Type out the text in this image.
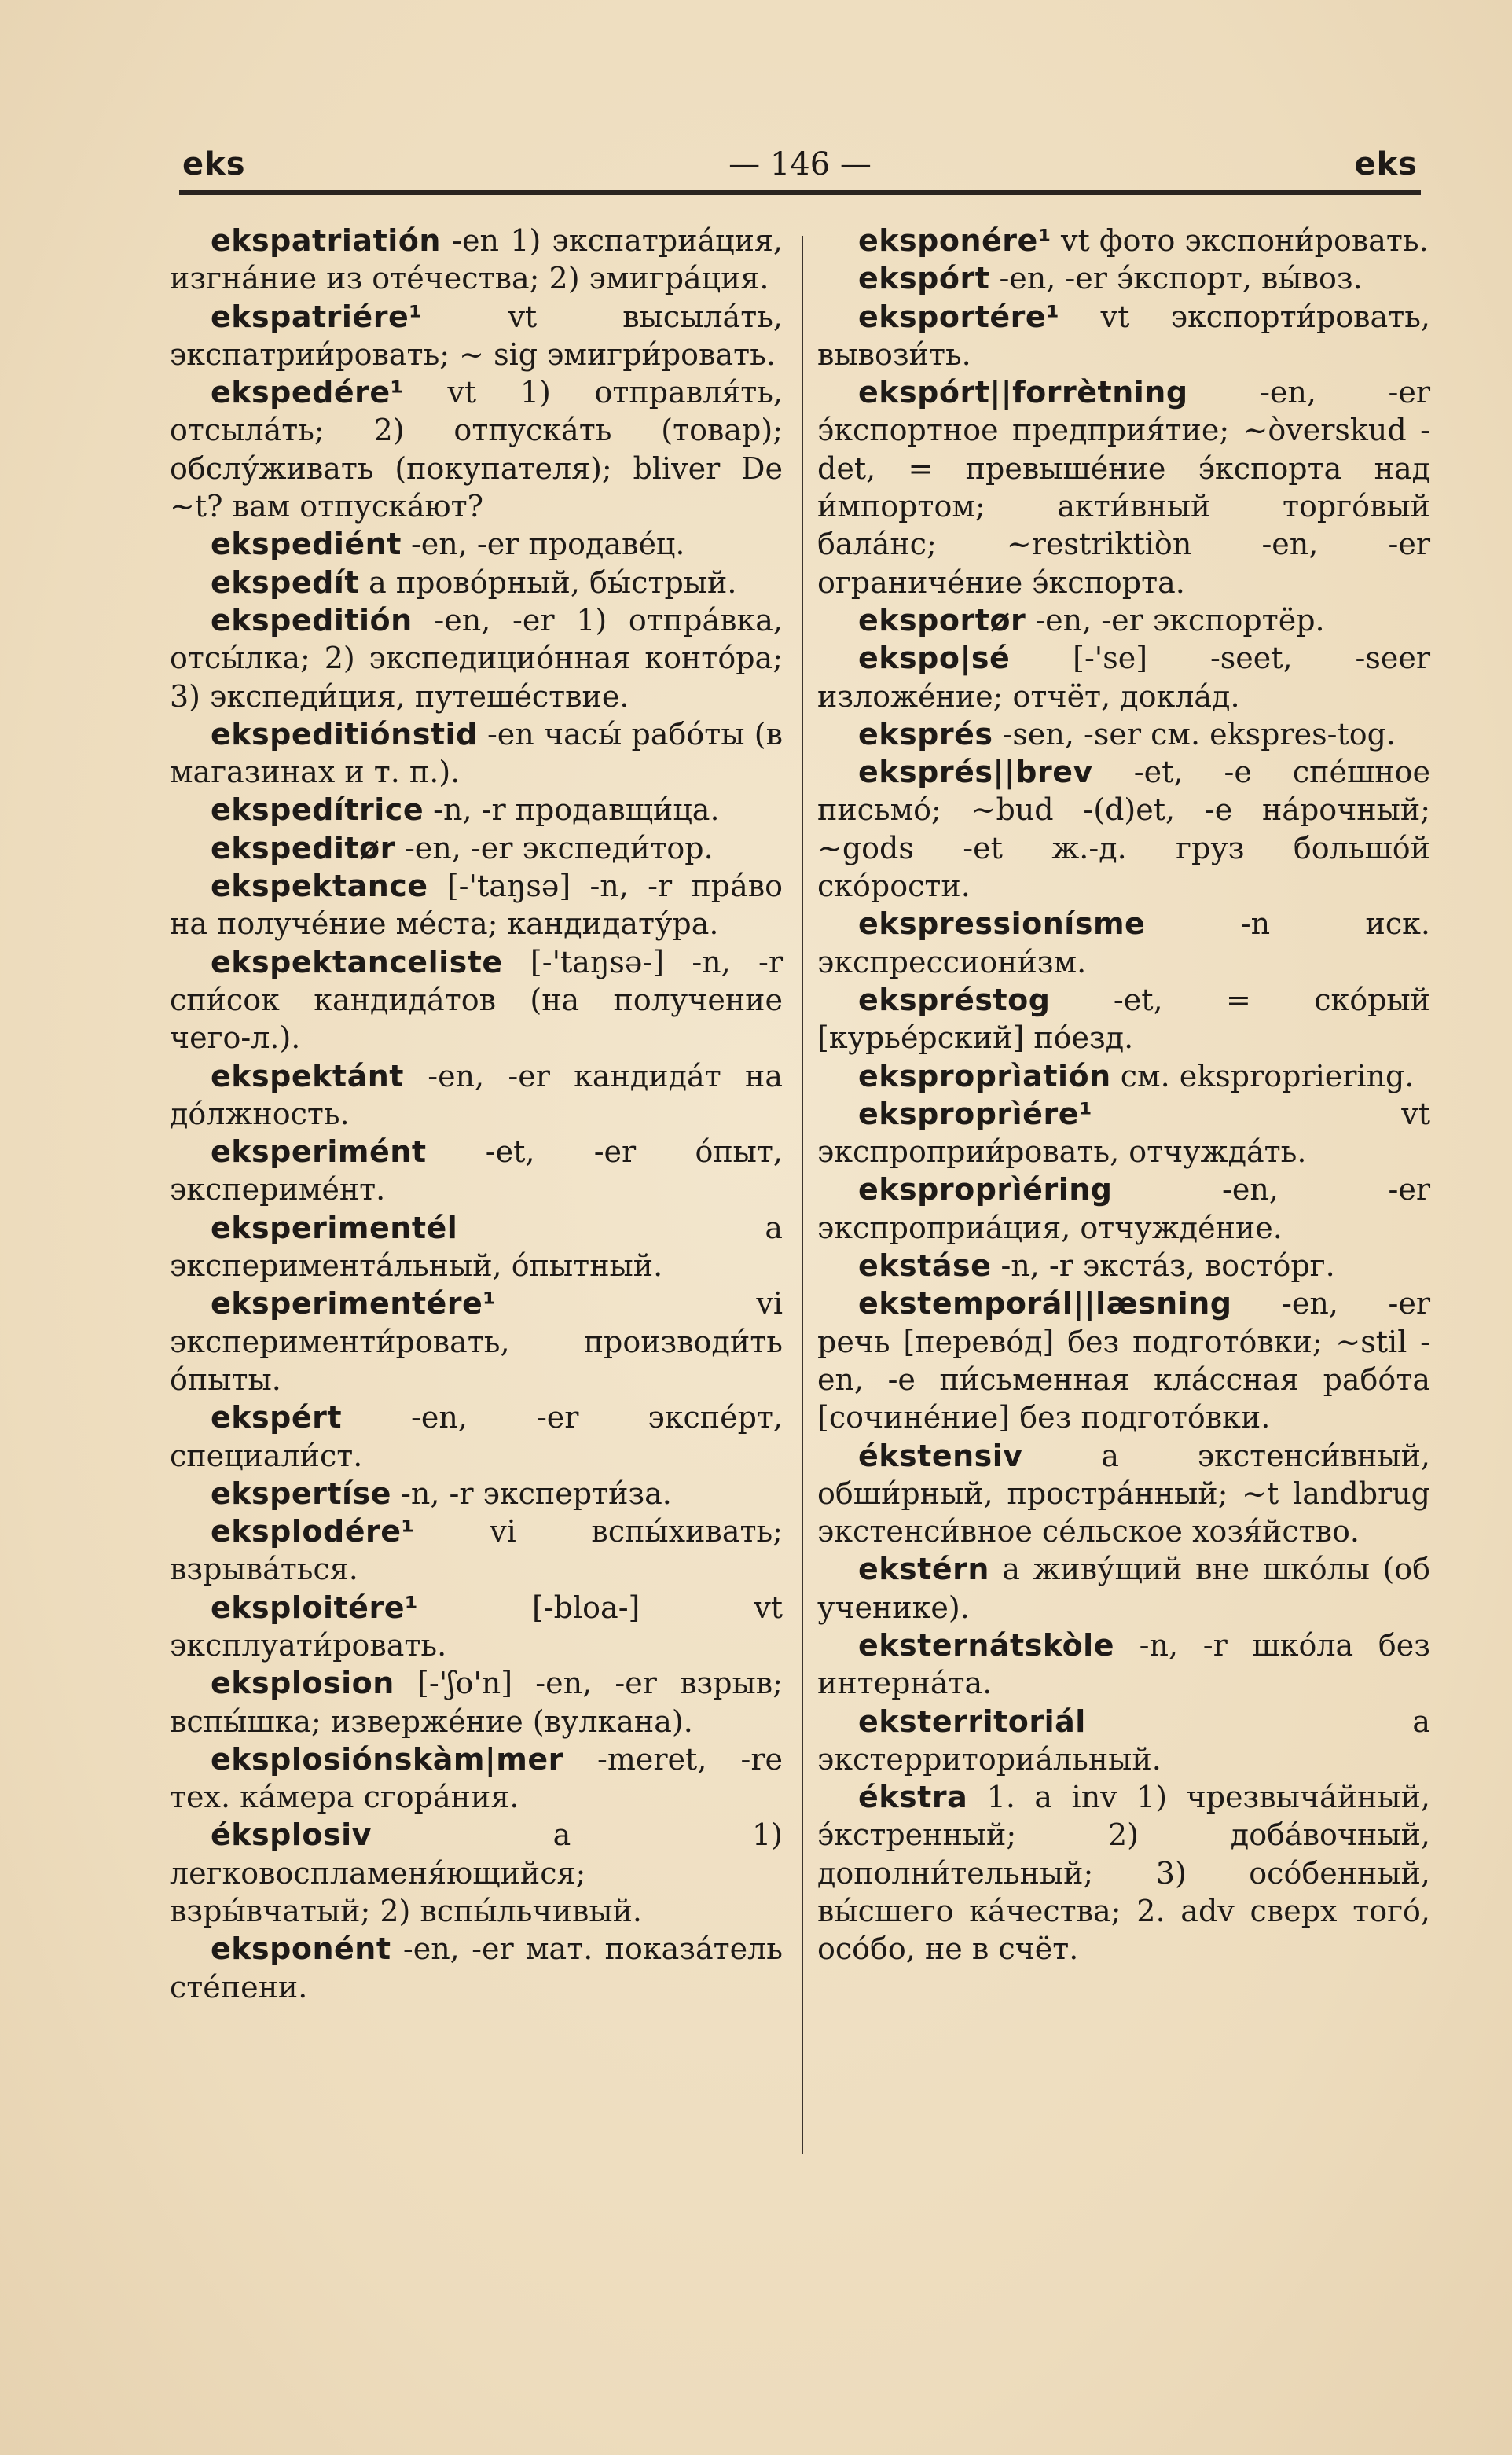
eks	— 146 —	eks

ekspatriatión -en 1) экспатриа́ция, изгна́ние из оте́чества; 2) эмигра́ция.

ekspatriére¹ vt высыла́ть, экспатрии́ровать; ~ sig эмигри́ровать.

ekspedére¹ vt 1) отправля́ть, отсыла́ть; 2) отпуска́ть (товар); обслу́живать (покупателя); bliver De ~t? вам отпуска́ют?

ekspediént -en, -er продаве́ц.

ekspedít a прово́рный, бы́стрый.

ekspeditión -en, -er 1) отпра́вка, отсы́лка; 2) экспедицио́нная конто́ра; 3) экспеди́ция, путеше́ствие.

ekspeditiónstid -en часы́ рабо́ты (в магазинах и т. п.).

ekspedítrice -n, -r продавщи́ца.

ekspeditør -en, -er экспеди́тор.

ekspektance [-'taŋsə] -n, -r пра́во на получе́ние ме́ста; кандидату́ра.

ekspektanceliste [-'taŋsə-] -n, -r спи́сок кандида́тов (на получение чего-л.).

ekspektánt -en, -er кандида́т на до́лжность.

eksperimént -et, -er о́пыт, экспериме́нт.

eksperimentél a эксперимента́льный, о́пытный.

eksperimentére¹ vi эксперименти́ровать, производи́ть о́пыты.

ekspért -en, -er экспе́рт, специали́ст.

ekspertíse -n, -r эксперти́за.

eksplodére¹ vi вспы́хивать; взрыва́ться.

eksploitére¹ [-bloa-] vt эксплуати́ровать.

eksplosion [-'ʃo'n] -en, -er взрыв; вспы́шка; изверже́ние (вулкана).

eksplosiónskàm|mer -meret, -re тех. ка́мера сгора́ния.

éksplosiv a 1) легковоспламеня́ющийся; взры́вчатый; 2) вспы́льчивый.

eksponént -en, -er мат. показа́тель сте́пени.

eksponére¹ vt фото экспони́ровать.

ekspórt -en, -er э́кспорт, вы́воз.

eksportére¹ vt экспорти́ровать, вывози́ть.

ekspórt||forrètning -en, -er э́кспортное предприя́тие; ~òverskud -det, = превыше́ние э́кспорта над и́мпортом; акти́вный торго́вый бала́нс; ~restriktiòn -en, -er ограниче́ние э́кспорта.

eksportør -en, -er экспортёр.

ekspo|sé [-'se] -seet, -seer изложе́ние; отчёт, докла́д.

eksprés -sen, -ser см. ekspres-tog.

eksprés||brev -et, -e спе́шное письмо́; ~bud -(d)et, -e на́рочный; ~gods -et ж.-д. груз большо́й ско́рости.

ekspressionísme -n иск. экспрессиони́зм.

ekspréstog -et, = ско́рый [курье́рский] по́езд.

eksproprìatión см. ekspropriering.

eksproprìére¹ vt экспроприи́ровать, отчужда́ть.

eksproprìéring -en, -er экспроприа́ция, отчужде́ние.

ekstáse -n, -r экста́з, восто́рг.

ekstemporál||læsning -en, -er речь [перево́д] без подгото́вки; ~stil -en, -e пи́сьменная кла́ссная рабо́та [сочине́ние] без подгото́вки.

ékstensiv a экстенси́вный, обши́рный, простра́нный; ~t landbrug экстенси́вное се́льское хозя́йство.

ekstérn a живу́щий вне шко́лы (об ученике).

eksternátskòle -n, -r шко́ла без интерна́та.

eksterritoriál a экстерриториа́льный.

ékstra 1. a inv 1) чрезвыча́йный, э́кстренный; 2) доба́вочный, дополни́тельный; 3) осо́бенный, вы́сшего ка́чества; 2. adv сверх того́, осо́бо, не в счёт.
